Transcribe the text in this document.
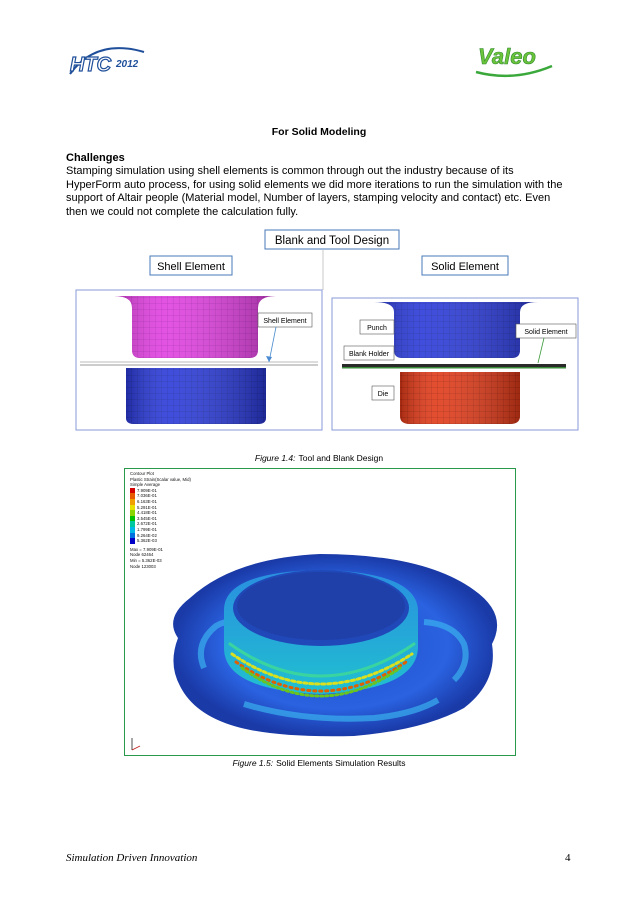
HTC 2012	Valeo
For Solid Modeling
Challenges
Stamping simulation using shell elements is common through out the industry because of its HyperForm auto process, for using solid elements we did more iterations to run the simulation with the support of Altair people (Material model, Number of layers, stamping velocity and contact) etc. Even then we could not complete the calculation fully.
Blank and Tool Design
Shell Element	Solid Element
Shell Element
Punch
Solid Element
Blank Holder
Die
Figure 1.4: Tool and Blank Design
Contour Plot
Plastic Strain(Scalar value, Mid)
Simple Average
7.909E-01
7.036E-01
6.163E-01
5.291E-01
4.418E-01
3.545E-01
2.672E-01
1.799E-01
9.264E-02
5.362E-03
Max = 7.909E-01
Node 62464
Min = 5.362E-03
Node 123003
Figure 1.5: Solid Elements Simulation Results
Simulation Driven Innovation	4
